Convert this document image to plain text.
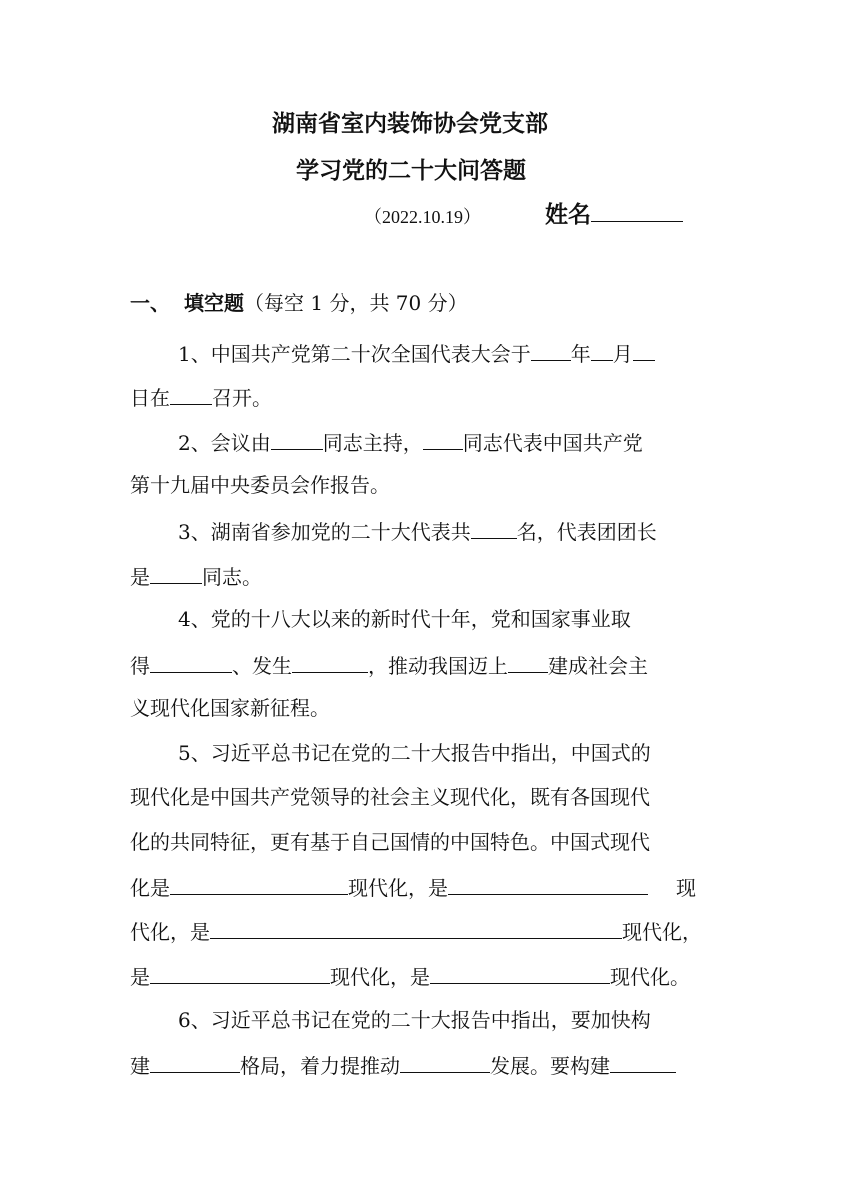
湖南省室内装饰协会党支部
学习党的二十大问答题
（2022.10.19）	姓名
一、 填空题（每空 1 分，共 70 分）
1、中国共产党第二十次全国代表大会于 年 月
日在 召开。
2、会议由	同志主持， 同志代表中国共产党
第十九届中央委员会作报告。
3、湖南省参加党的二十大代表共 名，代表团团长
是	同志。
4、党的十八大以来的新时代十年，党和国家事业取
得	、发生	，推动我国迈上 建成社会主
义现代化国家新征程。
5、习近平总书记在党的二十大报告中指出，中国式的
现代化是中国共产党领导的社会主义现代化，既有各国现代
化的共同特征，更有基于自己国情的中国特色。中国式现代
化是	现代化，是	现
代化，是	现代化，
是	现代化，是	现代化。
6、习近平总书记在党的二十大报告中指出，要加快构
建	格局，着力提推动	发展。要构建
